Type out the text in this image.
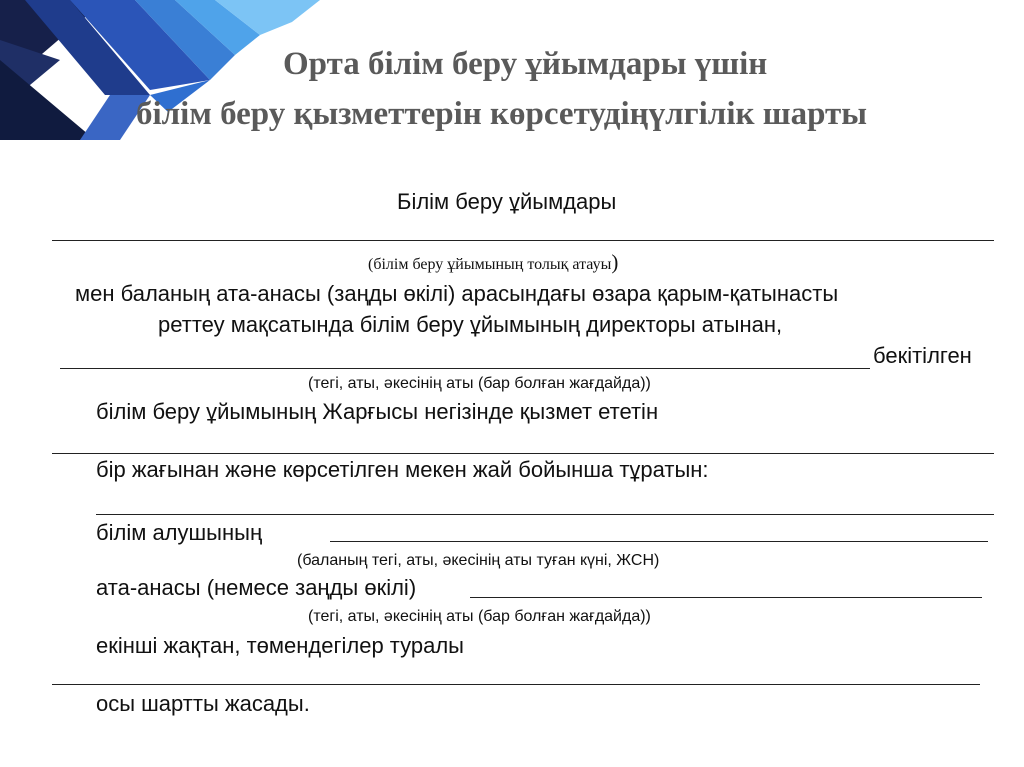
Орта білім беру ұйымдары үшін
білім беру қызметтерін көрсетудіңүлгілік шарты
Білім беру ұйымдары
(білім беру ұйымының толық атауы)
мен баланың ата-анасы (заңды өкілі) арасындағы өзара қарым-қатынасты
реттеу мақсатында білім беру ұйымының директоры атынан,
бекітілген
(тегі, аты, әкесінің аты (бар болған жағдайда))
білім беру ұйымының Жарғысы негізінде қызмет ететін
бір жағынан және көрсетілген мекен жай бойынша тұратын:
білім алушының
(баланың тегі, аты, әкесінің аты туған күні, ЖСН)
ата-анасы (немесе заңды өкілі)
(тегі, аты, әкесінің аты (бар болған жағдайда))
екінші жақтан, төмендегілер туралы
осы шартты жасады.
